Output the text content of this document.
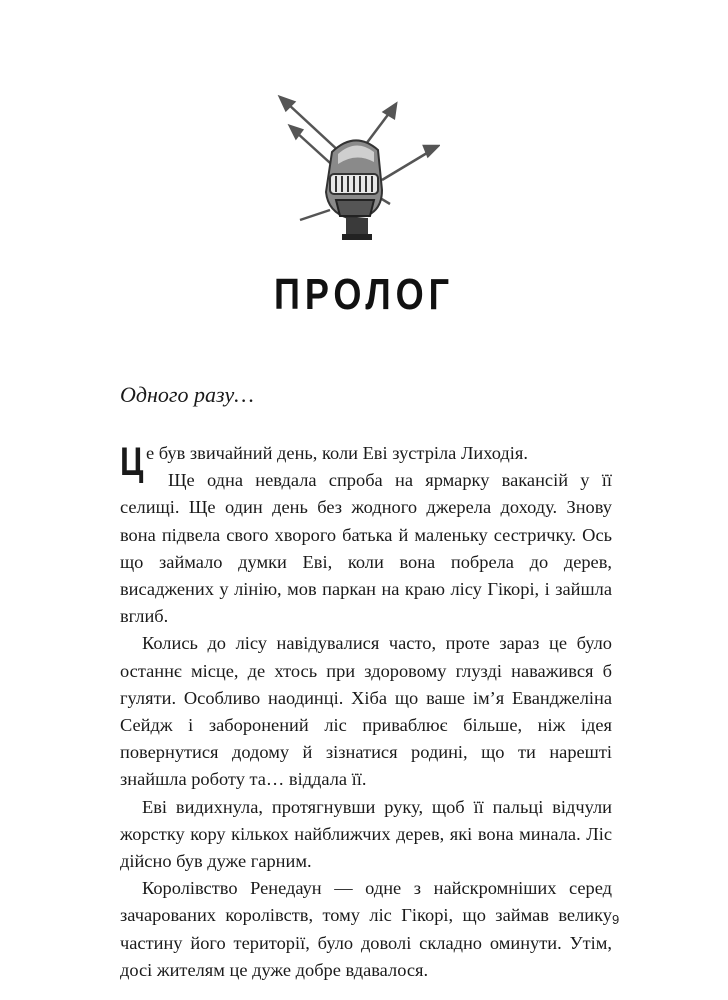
ПРОЛОГ
Одного разу…

Це був звичайний день, коли Еві зустріла Лиходія.

Ще одна невдала спроба на ярмарку вакансій у її селищі. Ще один день без жодного джерела доходу. Знову вона підвела свого хворого батька й маленьку сестричку. Ось що займало думки Еві, коли вона побрела до дерев, висаджених у лінію, мов паркан на краю лісу Гікорі, і зайшла вглиб.

Колись до лісу навідувалися часто, проте зараз це було останнє місце, де хтось при здоровому глузді наважився б гуляти. Особливо наодинці. Хіба що ваше ім’я Еванджеліна Сейдж і заборонений ліс приваблює більше, ніж ідея повернутися додому й зізнатися родині, що ти нарешті знайшла роботу та… віддала її.

Еві видихнула, протягнувши руку, щоб її пальці відчули жорстку кору кількох найближчих дерев, які вона минала. Ліс дійсно був дуже гарним.

Королівство Ренедаун — одне з найскромніших серед зачарованих королівств, тому ліс Гікорі, що займав велику частину його території, було доволі складно оминути. Утім, досі жителям це дуже добре вдавалося.

9
